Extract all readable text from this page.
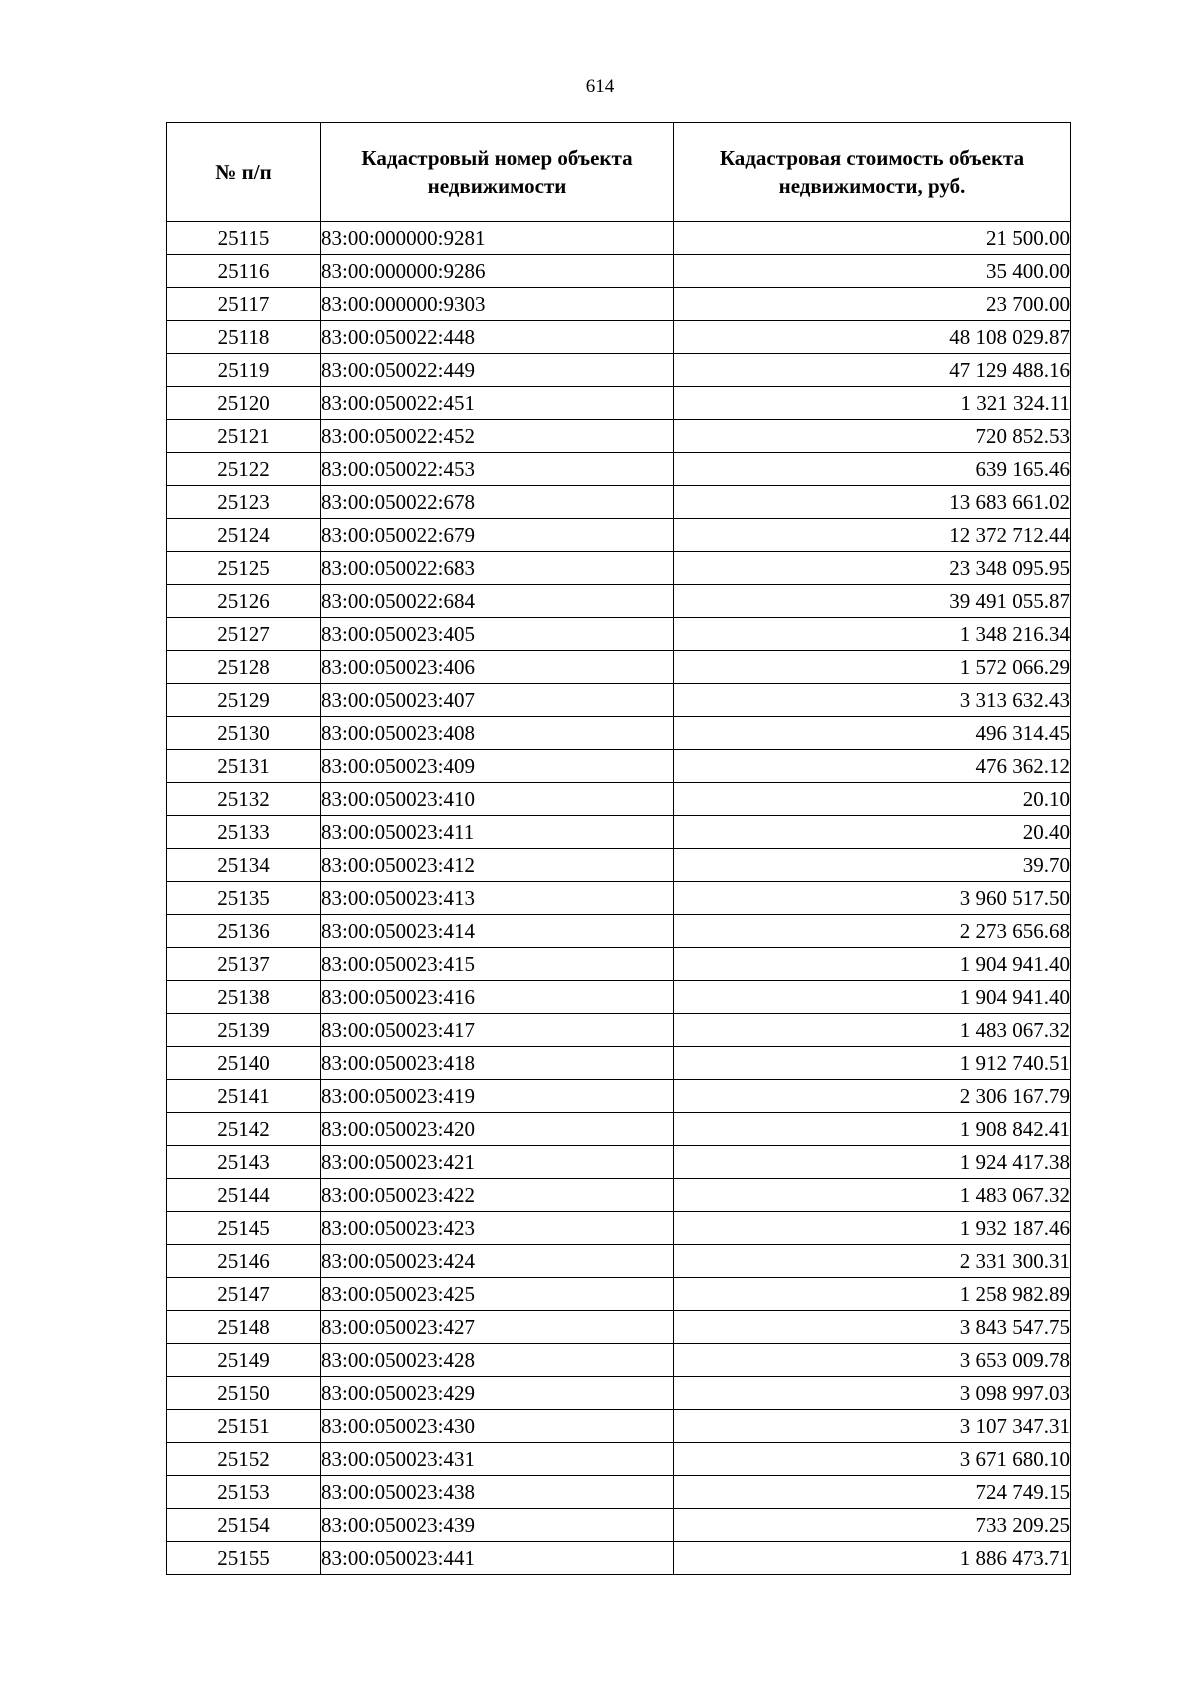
614
№ п/п	Кадастровый номер объекта недвижимости	Кадастровая стоимость объекта недвижимости, руб.
25115	83:00:000000:9281	21 500.00
25116	83:00:000000:9286	35 400.00
25117	83:00:000000:9303	23 700.00
25118	83:00:050022:448	48 108 029.87
25119	83:00:050022:449	47 129 488.16
25120	83:00:050022:451	1 321 324.11
25121	83:00:050022:452	720 852.53
25122	83:00:050022:453	639 165.46
25123	83:00:050022:678	13 683 661.02
25124	83:00:050022:679	12 372 712.44
25125	83:00:050022:683	23 348 095.95
25126	83:00:050022:684	39 491 055.87
25127	83:00:050023:405	1 348 216.34
25128	83:00:050023:406	1 572 066.29
25129	83:00:050023:407	3 313 632.43
25130	83:00:050023:408	496 314.45
25131	83:00:050023:409	476 362.12
25132	83:00:050023:410	20.10
25133	83:00:050023:411	20.40
25134	83:00:050023:412	39.70
25135	83:00:050023:413	3 960 517.50
25136	83:00:050023:414	2 273 656.68
25137	83:00:050023:415	1 904 941.40
25138	83:00:050023:416	1 904 941.40
25139	83:00:050023:417	1 483 067.32
25140	83:00:050023:418	1 912 740.51
25141	83:00:050023:419	2 306 167.79
25142	83:00:050023:420	1 908 842.41
25143	83:00:050023:421	1 924 417.38
25144	83:00:050023:422	1 483 067.32
25145	83:00:050023:423	1 932 187.46
25146	83:00:050023:424	2 331 300.31
25147	83:00:050023:425	1 258 982.89
25148	83:00:050023:427	3 843 547.75
25149	83:00:050023:428	3 653 009.78
25150	83:00:050023:429	3 098 997.03
25151	83:00:050023:430	3 107 347.31
25152	83:00:050023:431	3 671 680.10
25153	83:00:050023:438	724 749.15
25154	83:00:050023:439	733 209.25
25155	83:00:050023:441	1 886 473.71
